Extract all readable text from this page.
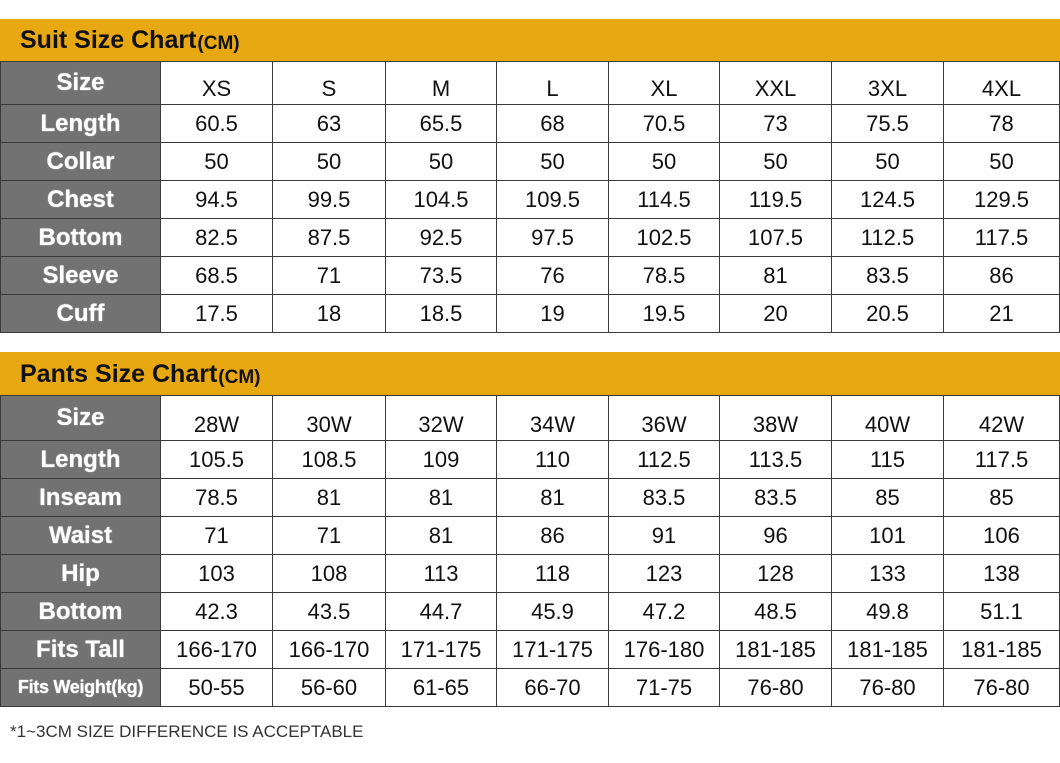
Suit Size Chart (CM)
Size	XS	S	M	L	XL	XXL	3XL	4XL
Length	60.5	63	65.5	68	70.5	73	75.5	78
Collar	50	50	50	50	50	50	50	50
Chest	94.5	99.5	104.5	109.5	114.5	119.5	124.5	129.5
Bottom	82.5	87.5	92.5	97.5	102.5	107.5	112.5	117.5
Sleeve	68.5	71	73.5	76	78.5	81	83.5	86
Cuff	17.5	18	18.5	19	19.5	20	20.5	21
Pants Size Chart (CM)
Size	28W	30W	32W	34W	36W	38W	40W	42W
Length	105.5	108.5	109	110	112.5	113.5	115	117.5
Inseam	78.5	81	81	81	83.5	83.5	85	85
Waist	71	71	81	86	91	96	101	106
Hip	103	108	113	118	123	128	133	138
Bottom	42.3	43.5	44.7	45.9	47.2	48.5	49.8	51.1
Fits Tall	166-170	166-170	171-175	171-175	176-180	181-185	181-185	181-185
Fits Weight(kg)	50-55	56-60	61-65	66-70	71-75	76-80	76-80	76-80
*1~3CM SIZE DIFFERENCE IS ACCEPTABLE
